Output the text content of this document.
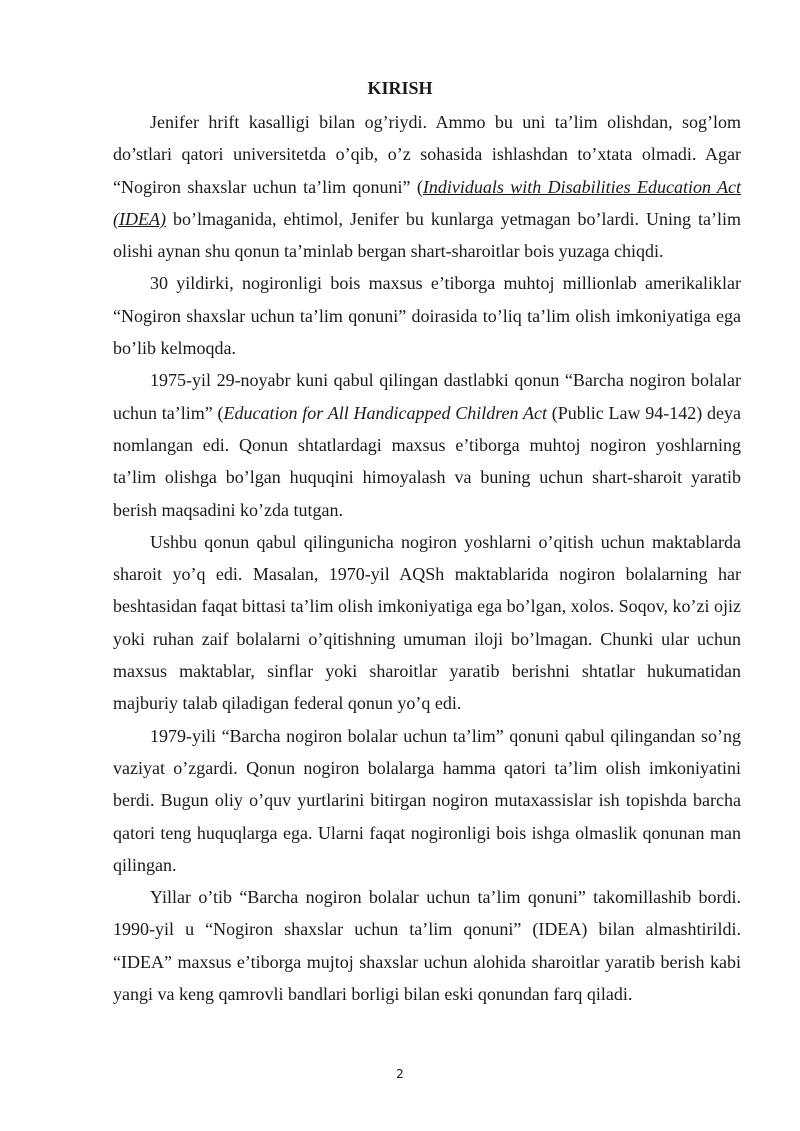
KIRISH

Jenifer hrift kasalligi bilan og’riydi. Ammo bu uni ta’lim olishdan, sog’lom do’stlari qatori universitetda o’qib, o’z sohasida ishlashdan to’xtata olmadi. Agar “Nogiron shaxslar uchun ta’lim qonuni” (Individuals with Disabilities Education Act (IDEA) bo’lmaganida, ehtimol, Jenifer bu kunlarga yetmagan bo’lardi. Uning ta’lim olishi aynan shu qonun ta’minlab bergan shart-sharoitlar bois yuzaga chiqdi.

30 yildirki, nogironligi bois maxsus e’tiborga muhtoj millionlab amerikaliklar “Nogiron shaxslar uchun ta’lim qonuni” doirasida to’liq ta’lim olish imkoniyatiga ega bo’lib kelmoqda.

1975-yil 29-noyabr kuni qabul qilingan dastlabki qonun “Barcha nogiron bolalar uchun ta’lim” (Education for All Handicapped Children Act (Public Law 94-142) deya nomlangan edi. Qonun shtatlardagi maxsus e’tiborga muhtoj nogiron yoshlarning ta’lim olishga bo’lgan huquqini himoyalash va buning uchun shart-sharoit yaratib berish maqsadini ko’zda tutgan.

Ushbu qonun qabul qilingunicha nogiron yoshlarni o’qitish uchun maktablarda sharoit yo’q edi. Masalan, 1970-yil AQSh maktablarida nogiron bolalarning har beshtasidan faqat bittasi ta’lim olish imkoniyatiga ega bo’lgan, xolos. Soqov, ko’zi ojiz yoki ruhan zaif bolalarni o’qitishning umuman iloji bo’lmagan. Chunki ular uchun maxsus maktablar, sinflar yoki sharoitlar yaratib berishni shtatlar hukumatidan majburiy talab qiladigan federal qonun yo’q edi.

1979-yili “Barcha nogiron bolalar uchun ta’lim” qonuni qabul qilingandan so’ng vaziyat o’zgardi. Qonun nogiron bolalarga hamma qatori ta’lim olish imkoniyatini berdi. Bugun oliy o’quv yurtlarini bitirgan nogiron mutaxassislar ish topishda barcha qatori teng huquqlarga ega. Ularni faqat nogironligi bois ishga olmaslik qonunan man qilingan.

Yillar o’tib “Barcha nogiron bolalar uchun ta’lim qonuni” takomillashib bordi. 1990-yil u “Nogiron shaxslar uchun ta’lim qonuni” (IDEA) bilan almashtirildi. “IDEA” maxsus e’tiborga mujtoj shaxslar uchun alohida sharoitlar yaratib berish kabi yangi va keng qamrovli bandlari borligi bilan eski qonundan farq qiladi.

2
